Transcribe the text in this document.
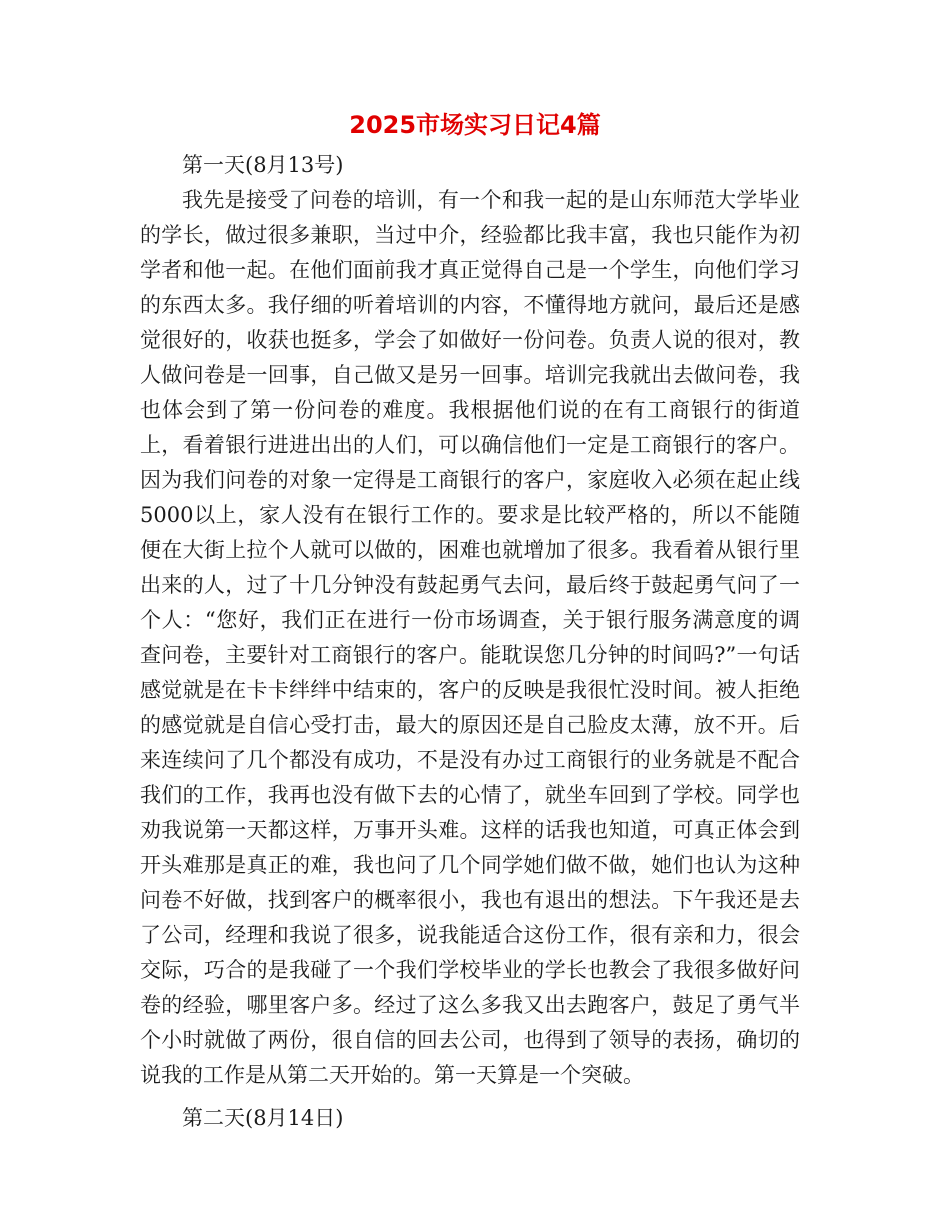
2025市场实习日记4篇

第一天(8月13号)

我先是接受了问卷的培训，有一个和我一起的是山东师范大学毕业的学长，做过很多兼职，当过中介，经验都比我丰富，我也只能作为初学者和他一起。在他们面前我才真正觉得自己是一个学生，向他们学习的东西太多。我仔细的听着培训的内容，不懂得地方就问，最后还是感觉很好的，收获也挺多，学会了如做好一份问卷。负责人说的很对，教人做问卷是一回事，自己做又是另一回事。培训完我就出去做问卷，我也体会到了第一份问卷的难度。我根据他们说的在有工商银行的街道上，看着银行进进出出的人们，可以确信他们一定是工商银行的客户。因为我们问卷的对象一定得是工商银行的客户，家庭收入必须在起止线5000以上，家人没有在银行工作的。要求是比较严格的，所以不能随便在大街上拉个人就可以做的，困难也就增加了很多。我看着从银行里出来的人，过了十几分钟没有鼓起勇气去问，最后终于鼓起勇气问了一个人：“您好，我们正在进行一份市场调查，关于银行服务满意度的调查问卷，主要针对工商银行的客户。能耽误您几分钟的时间吗?”一句话感觉就是在卡卡绊绊中结束的，客户的反映是我很忙没时间。被人拒绝的感觉就是自信心受打击，最大的原因还是自己脸皮太薄，放不开。后来连续问了几个都没有成功，不是没有办过工商银行的业务就是不配合我们的工作，我再也没有做下去的心情了，就坐车回到了学校。同学也劝我说第一天都这样，万事开头难。这样的话我也知道，可真正体会到开头难那是真正的难，我也问了几个同学她们做不做，她们也认为这种问卷不好做，找到客户的概率很小，我也有退出的想法。下午我还是去了公司，经理和我说了很多，说我能适合这份工作，很有亲和力，很会交际，巧合的是我碰了一个我们学校毕业的学长也教会了我很多做好问卷的经验，哪里客户多。经过了这么多我又出去跑客户，鼓足了勇气半个小时就做了两份，很自信的回去公司，也得到了领导的表扬，确切的说我的工作是从第二天开始的。第一天算是一个突破。

第二天(8月14日)
